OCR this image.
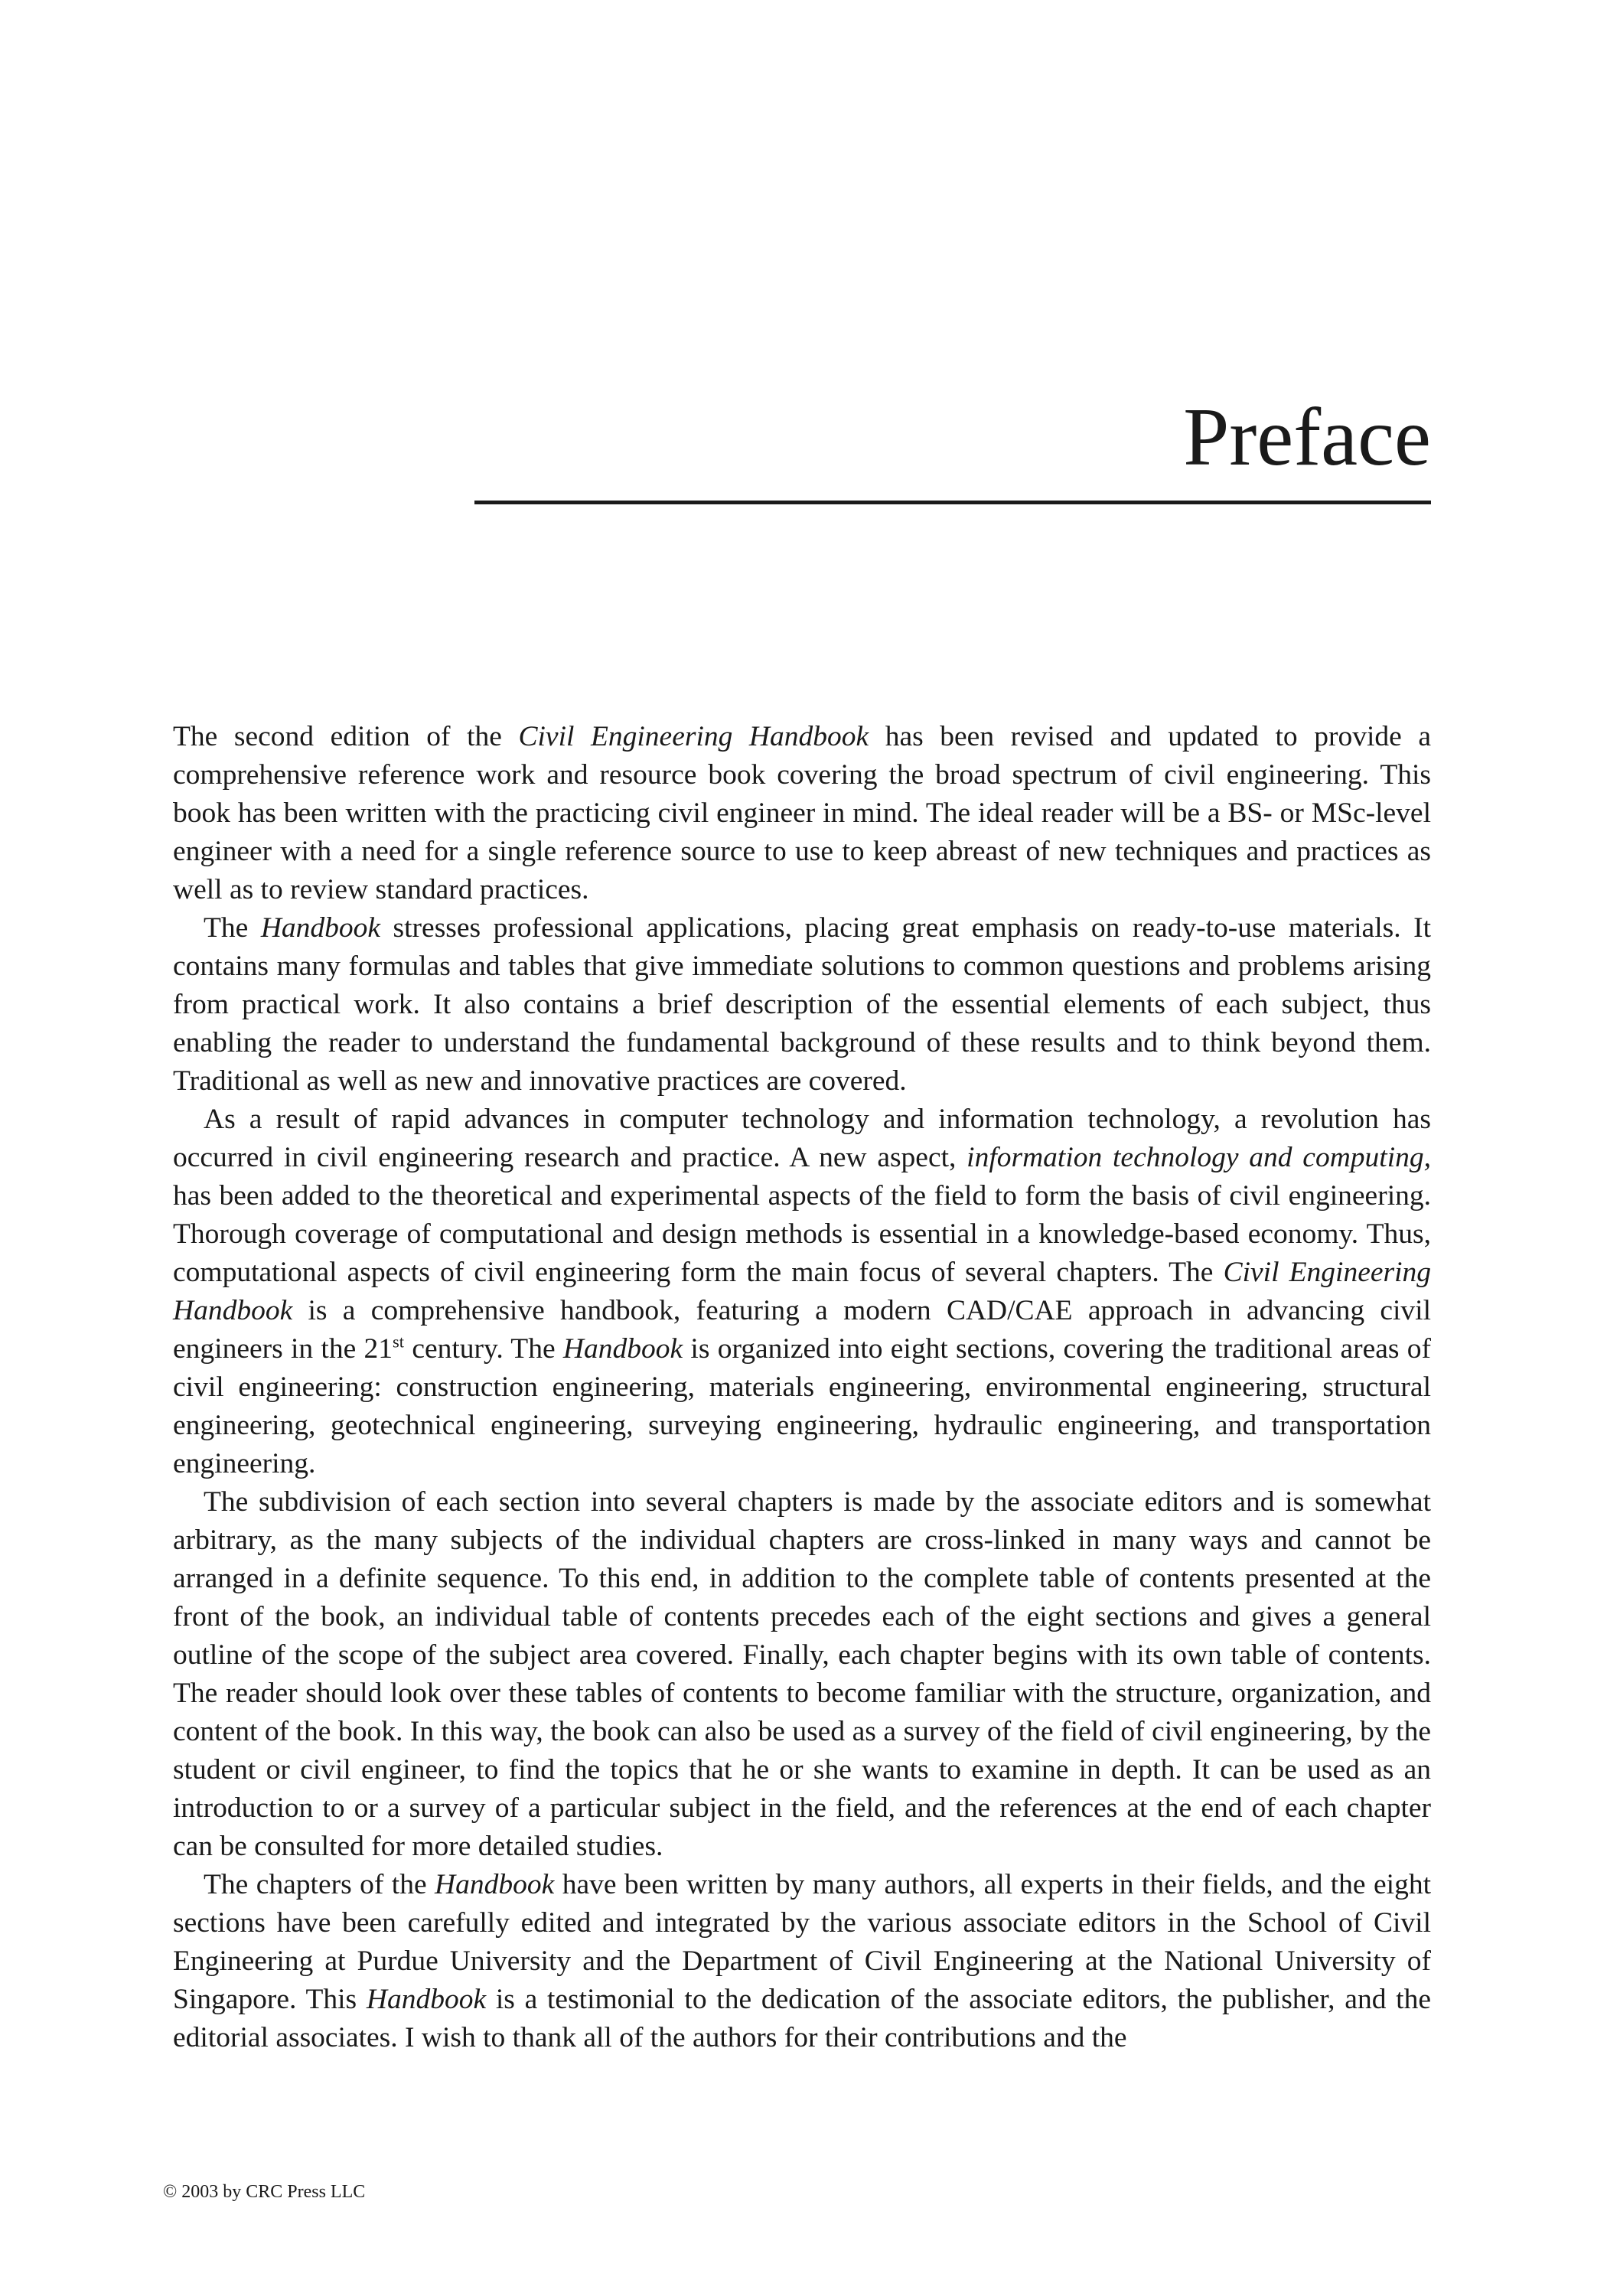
Preface

The second edition of the Civil Engineering Handbook has been revised and updated to provide a comprehensive reference work and resource book covering the broad spectrum of civil engineering. This book has been written with the practicing civil engineer in mind. The ideal reader will be a BS- or MSc-level engineer with a need for a single reference source to use to keep abreast of new techniques and practices as well as to review standard practices.

The Handbook stresses professional applications, placing great emphasis on ready-to-use materials. It contains many formulas and tables that give immediate solutions to common questions and problems arising from practical work. It also contains a brief description of the essential elements of each subject, thus enabling the reader to understand the fundamental background of these results and to think beyond them. Traditional as well as new and innovative practices are covered.

As a result of rapid advances in computer technology and information technology, a revolution has occurred in civil engineering research and practice. A new aspect, information technology and computing, has been added to the theoretical and experimental aspects of the field to form the basis of civil engineering. Thorough coverage of computational and design methods is essential in a knowledge-based economy. Thus, computational aspects of civil engineering form the main focus of several chapters. The Civil Engineering Handbook is a comprehensive handbook, featuring a modern CAD/CAE approach in advancing civil engineers in the 21st century. The Handbook is organized into eight sections, covering the traditional areas of civil engineering: construction engineering, materials engineering, environmental engineering, structural engineering, geotechnical engineering, surveying engineering, hydraulic engineering, and transportation engineering.

The subdivision of each section into several chapters is made by the associate editors and is somewhat arbitrary, as the many subjects of the individual chapters are cross-linked in many ways and cannot be arranged in a definite sequence. To this end, in addition to the complete table of contents presented at the front of the book, an individual table of contents precedes each of the eight sections and gives a general outline of the scope of the subject area covered. Finally, each chapter begins with its own table of contents. The reader should look over these tables of contents to become familiar with the structure, organization, and content of the book. In this way, the book can also be used as a survey of the field of civil engineering, by the student or civil engineer, to find the topics that he or she wants to examine in depth. It can be used as an introduction to or a survey of a particular subject in the field, and the references at the end of each chapter can be consulted for more detailed studies.

The chapters of the Handbook have been written by many authors, all experts in their fields, and the eight sections have been carefully edited and integrated by the various associate editors in the School of Civil Engineering at Purdue University and the Department of Civil Engineering at the National University of Singapore. This Handbook is a testimonial to the dedication of the associate editors, the publisher, and the editorial associates. I wish to thank all of the authors for their contributions and the

© 2003 by CRC Press LLC
